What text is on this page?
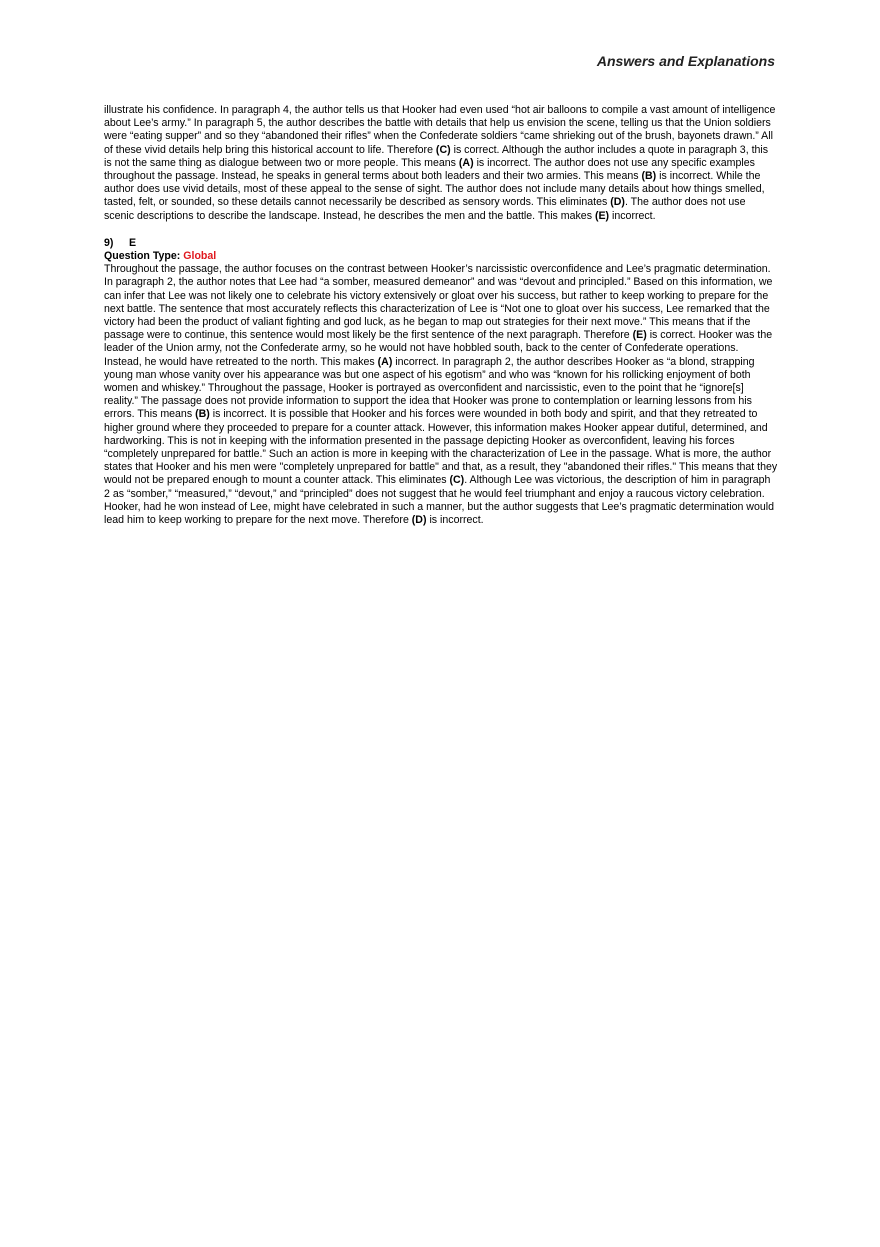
Answers and Explanations

illustrate his confidence. In paragraph 4, the author tells us that Hooker had even used “hot air balloons to compile a vast amount of intelligence about Lee’s army.” In paragraph 5, the author describes the battle with details that help us envision the scene, telling us that the Union soldiers were “eating supper” and so they “abandoned their rifles” when the Confederate soldiers “came shrieking out of the brush, bayonets drawn.” All of these vivid details help bring this historical account to life. Therefore (C) is correct. Although the author includes a quote in paragraph 3, this is not the same thing as dialogue between two or more people. This means (A) is incorrect. The author does not use any specific examples throughout the passage. Instead, he speaks in general terms about both leaders and their two armies. This means (B) is incorrect. While the author does use vivid details, most of these appeal to the sense of sight. The author does not include many details about how things smelled, tasted, felt, or sounded, so these details cannot necessarily be described as sensory words. This eliminates (D). The author does not use scenic descriptions to describe the landscape. Instead, he describes the men and the battle. This makes (E) incorrect.

9) E
Question Type: Global

Throughout the passage, the author focuses on the contrast between Hooker’s narcissistic overconfidence and Lee’s pragmatic determination. In paragraph 2, the author notes that Lee had “a somber, measured demeanor” and was “devout and principled.” Based on this information, we can infer that Lee was not likely one to celebrate his victory extensively or gloat over his success, but rather to keep working to prepare for the next battle. The sentence that most accurately reflects this characterization of Lee is “Not one to gloat over his success, Lee remarked that the victory had been the product of valiant fighting and god luck, as he began to map out strategies for their next move.” This means that if the passage were to continue, this sentence would most likely be the first sentence of the next paragraph. Therefore (E) is correct. Hooker was the leader of the Union army, not the Confederate army, so he would not have hobbled south, back to the center of Confederate operations. Instead, he would have retreated to the north. This makes (A) incorrect. In paragraph 2, the author describes Hooker as “a blond, strapping young man whose vanity over his appearance was but one aspect of his egotism” and who was “known for his rollicking enjoyment of both women and whiskey.” Throughout the passage, Hooker is portrayed as overconfident and narcissistic, even to the point that he “ignore[s] reality.” The passage does not provide information to support the idea that Hooker was prone to contemplation or learning lessons from his errors. This means (B) is incorrect. It is possible that Hooker and his forces were wounded in both body and spirit, and that they retreated to higher ground where they proceeded to prepare for a counter attack. However, this information makes Hooker appear dutiful, determined, and hardworking. This is not in keeping with the information presented in the passage depicting Hooker as overconfident, leaving his forces “completely unprepared for battle.” Such an action is more in keeping with the characterization of Lee in the passage. What is more, the author states that Hooker and his men were "completely unprepared for battle" and that, as a result, they "abandoned their rifles." This means that they would not be prepared enough to mount a counter attack. This eliminates (C). Although Lee was victorious, the description of him in paragraph 2 as “somber,” “measured,” “devout,” and “principled” does not suggest that he would feel triumphant and enjoy a raucous victory celebration. Hooker, had he won instead of Lee, might have celebrated in such a manner, but the author suggests that Lee’s pragmatic determination would lead him to keep working to prepare for the next move. Therefore (D) is incorrect.
